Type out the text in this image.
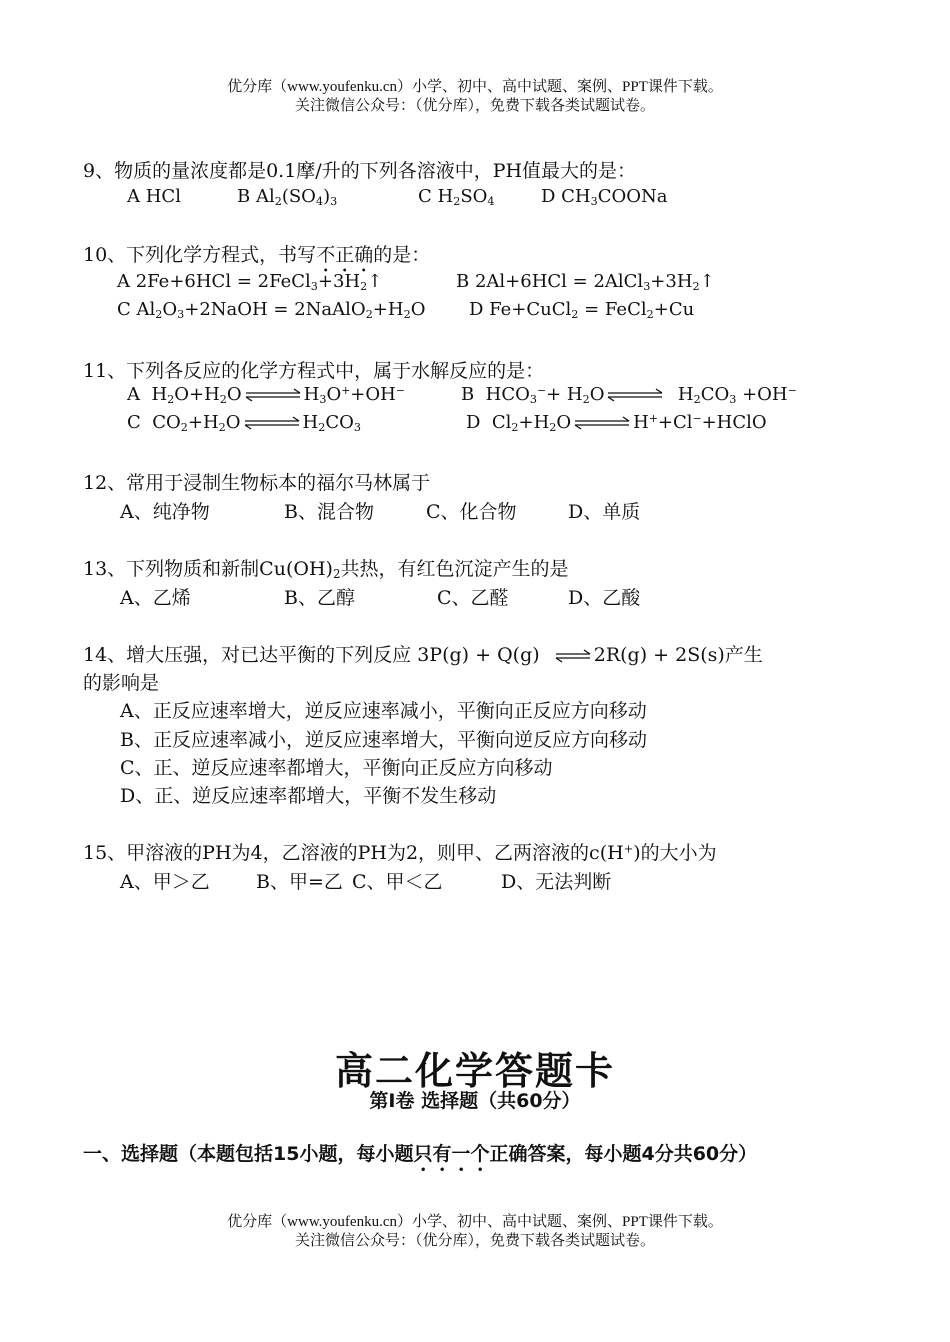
优分库（www.youfenku.cn）小学、初中、高中试题、案例、PPT课件下载。
关注微信公众号：（优分库），免费下载各类试题试卷。
9、物质的量浓度都是0.1摩/升的下列各溶液中，PH值最大的是：
A HCl	B $Al_2(SO_4)_3$	C $H_2SO_4$	D $CH_3COONa$
10、下列化学方程式，书写不正确的是：
A $2Fe+6HCl = 2FeCl_3+3H_2↑$	B $2Al+6HCl = 2AlCl_3+3H_2↑$
C $Al_2O_3+2NaOH$ = $2NaAlO_2+H_2O$ D Fe+CuCl$_2$ = FeCl$_2$+Cu
11、下列各反应的化学方程式中，属于水解反应的是：
A  $H_2O+H_2O$ ⇌ $H_3O^++OH^-$	B  $HCO_3^-+ H_2O$ ⇌ $H_2CO_3 +OH^-$
C  $CO_2+H_2O$ ⇌ $H_2CO_3$	D  $Cl_2+H_2O$ ⇌ H++Cl−+HClO
12、常用于浸制生物标本的福尔马林属于
A、纯净物	B、混合物	C、化合物	D、单质
13、下列物质和新制$Cu(OH)_2$共热，有红色沉淀产生的是
A、乙烯	B、乙醇	C、乙醛	D、乙酸
14、增大压强，对已达平衡的下列反应 3P(g) + Q(g) ⇌ 2R(g) + 2S(s)产生
的影响是
A、正反应速率增大，逆反应速率减小，平衡向正反应方向移动
B、正反应速率减小，逆反应速率增大，平衡向逆反应方向移动
C、正、逆反应速率都增大，平衡向正反应方向移动
D、正、逆反应速率都增大，平衡不发生移动
15、甲溶液的PH为4，乙溶液的PH为2，则甲、乙两溶液的c(H+)的大小为
A、甲＞乙 B、甲=乙 C、甲＜乙	D、无法判断
高二化学答题卡
第Ⅰ卷 选择题（共60分）
一、选择题（本题包括15小题，每小题只有一个正确答案，每小题4分共60分）
优分库（www.youfenku.cn）小学、初中、高中试题、案例、PPT课件下载。
关注微信公众号：（优分库），免费下载各类试题试卷。
